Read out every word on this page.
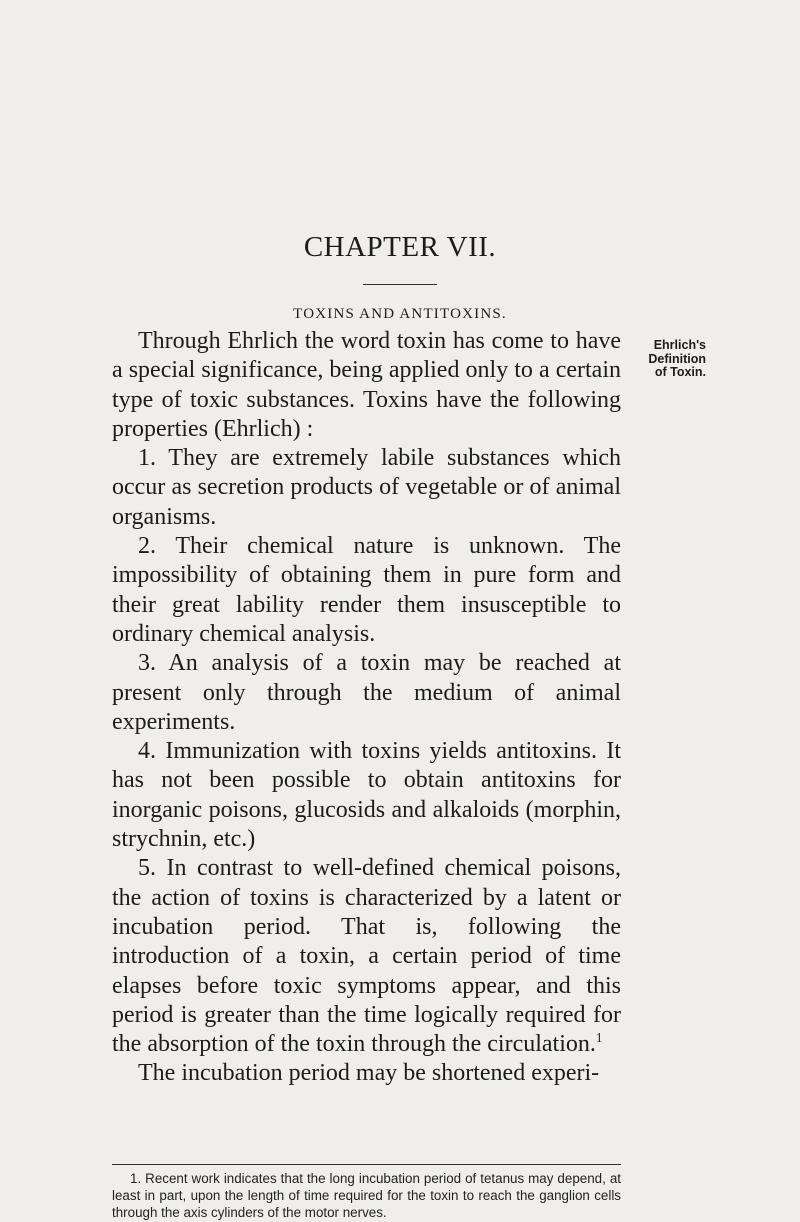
CHAPTER VII.
TOXINS AND ANTITOXINS.
Ehrlich's
Definition
of Toxin.

Through Ehrlich the word toxin has come to have a special significance, being applied only to a certain type of toxic substances. Toxins have the following properties (Ehrlich) :

1. They are extremely labile substances which occur as secretion products of vegetable or of animal organisms.

2. Their chemical nature is unknown. The impossibility of obtaining them in pure form and their great lability render them insusceptible to ordinary chemical analysis.

3. An analysis of a toxin may be reached at present only through the medium of animal experiments.

4. Immunization with toxins yields antitoxins. It has not been possible to obtain antitoxins for inorganic poisons, glucosids and alkaloids (morphin, strychnin, etc.)

5. In contrast to well-defined chemical poisons, the action of toxins is characterized by a latent or incubation period. That is, following the introduction of a toxin, a certain period of time elapses before toxic symptoms appear, and this period is greater than the time logically required for the absorption of the toxin through the circulation.$^1$

The incubation period may be shortened experi-

1. Recent work indicates that the long incubation period of tetanus may depend, at least in part, upon the length of time required for the toxin to reach the ganglion cells through the axis cylinders of the motor nerves.
